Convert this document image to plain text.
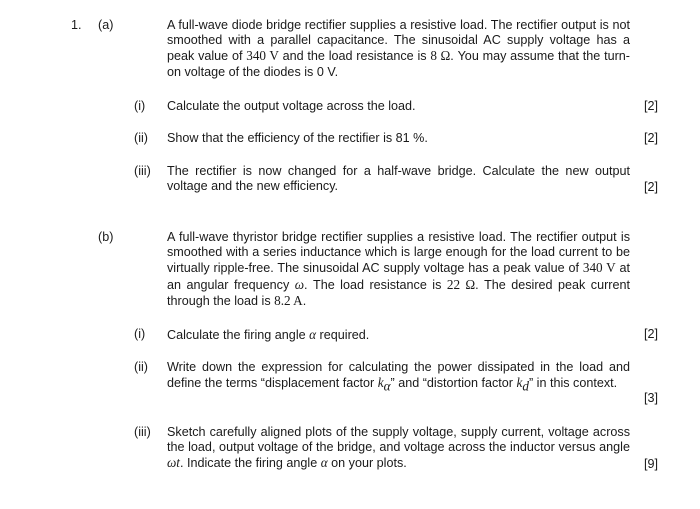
1. (a)	A full-wave diode bridge rectifier supplies a resistive load. The rectifier output is not smoothed with a parallel capacitance. The sinusoidal AC supply voltage has a peak value of 340 V and the load resistance is 8 Ω. You may assume that the turn-on voltage of the diodes is 0 V.
(i) Calculate the output voltage across the load.	[2]
(ii) Show that the efficiency of the rectifier is 81 %.	[2]
(iii) The rectifier is now changed for a half-wave bridge. Calculate the new output voltage and the new efficiency.	[2]
(b)	A full-wave thyristor bridge rectifier supplies a resistive load. The rectifier output is smoothed with a series inductance which is large enough for the load current to be virtually ripple-free. The sinusoidal AC supply voltage has a peak value of 340 V at an angular frequency ω. The load resistance is 22 Ω. The desired peak current through the load is 8.2 A.
(i) Calculate the firing angle α required.	[2]
(ii) Write down the expression for calculating the power dissipated in the load and define the terms “displacement factor $k_\alpha$” and “distortion factor $k_d$” in this context.
[3]
(iii) Sketch carefully aligned plots of the supply voltage, supply current, voltage across the load, output voltage of the bridge, and voltage across the inductor versus angle ωt. Indicate the firing angle α on your plots.	[9]
